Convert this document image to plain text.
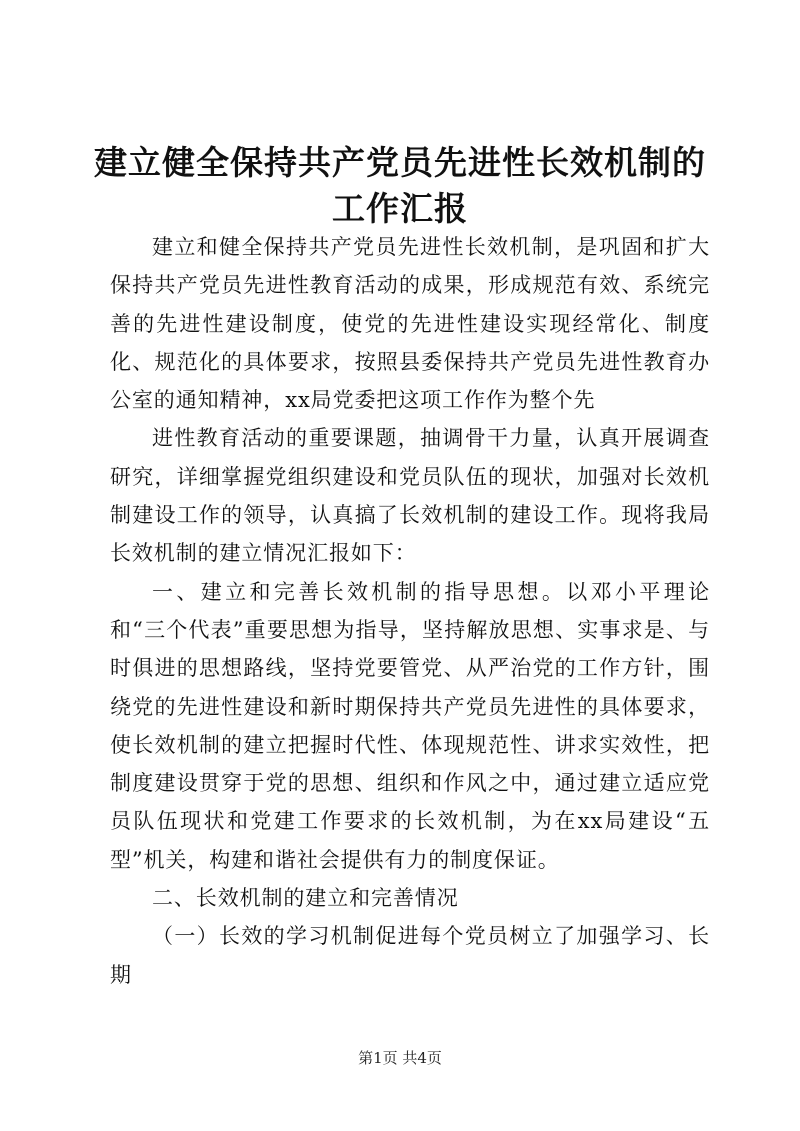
建立健全保持共产党员先进性长效机制的工作汇报

建立和健全保持共产党员先进性长效机制，是巩固和扩大保持共产党员先进性教育活动的成果，形成规范有效、系统完善的先进性建设制度，使党的先进性建设实现经常化、制度化、规范化的具体要求，按照县委保持共产党员先进性教育办公室的通知精神，xx局党委把这项工作作为整个先

进性教育活动的重要课题，抽调骨干力量，认真开展调查研究，详细掌握党组织建设和党员队伍的现状，加强对长效机制建设工作的领导，认真搞了长效机制的建设工作。现将我局长效机制的建立情况汇报如下：

一、建立和完善长效机制的指导思想。以邓小平理论和“三个代表”重要思想为指导，坚持解放思想、实事求是、与时俱进的思想路线，坚持党要管党、从严治党的工作方针，围绕党的先进性建设和新时期保持共产党员先进性的具体要求，使长效机制的建立把握时代性、体现规范性、讲求实效性，把制度建设贯穿于党的思想、组织和作风之中，通过建立适应党员队伍现状和党建工作要求的长效机制，为在xx局建设“五型”机关，构建和谐社会提供有力的制度保证。

二、长效机制的建立和完善情况

（一）长效的学习机制促进每个党员树立了加强学习、长期

第1页 共4页
